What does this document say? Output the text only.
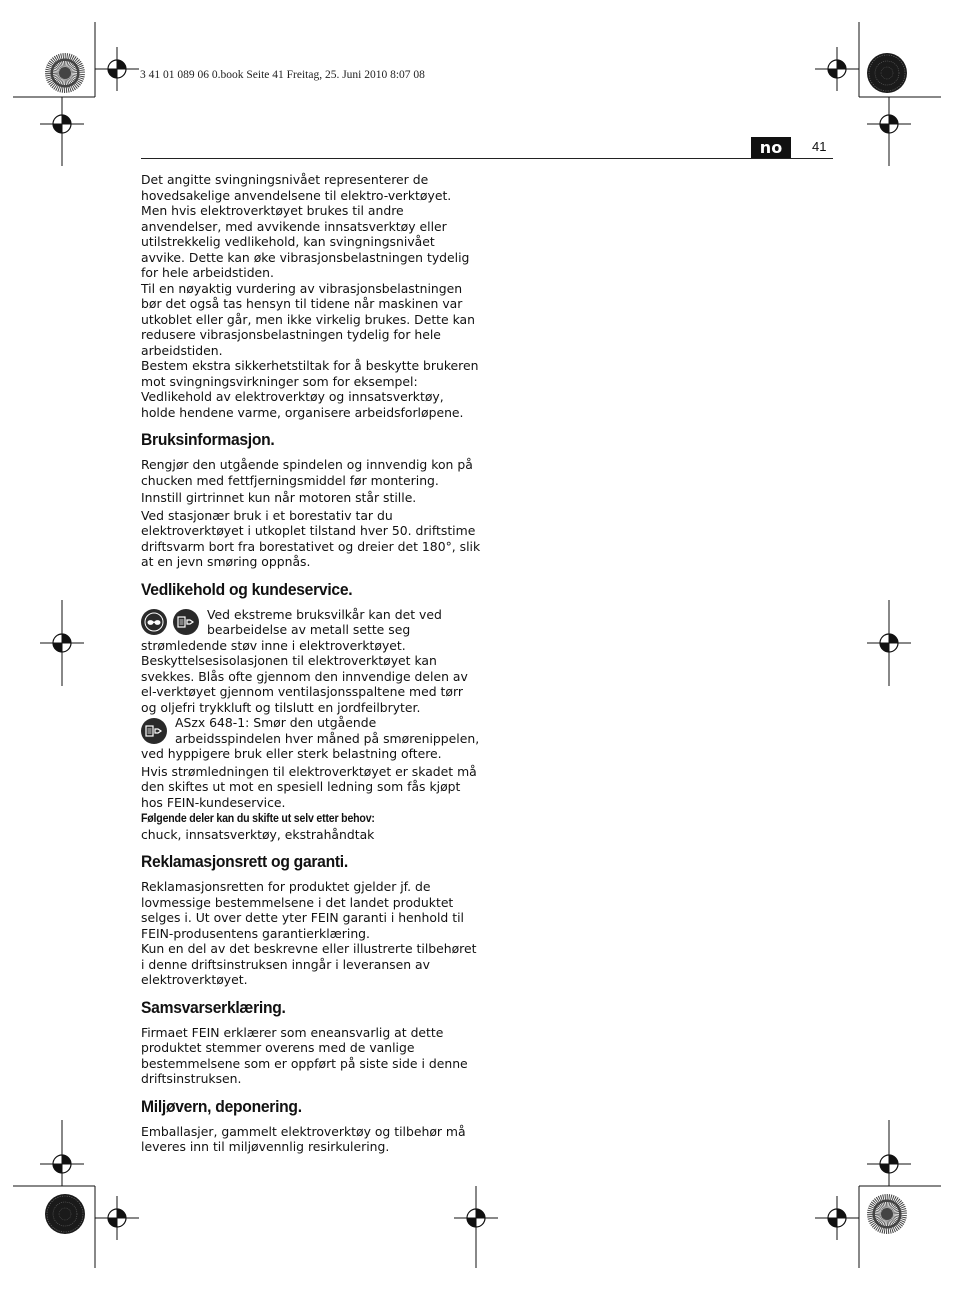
3 41 01 089 06 0.book Seite 41 Freitag, 25. Juni 2010 8:07 08
no	41

Det angitte svingningsnivået representerer de hovedsakelige anvendelsene til elektro-verktøyet. Men hvis elektroverktøyet brukes til andre anvendelser, med avvikende innsatsverktøy eller utilstrekkelig vedlikehold, kan svingningsnivået avvike. Dette kan øke vibrasjonsbelastningen tydelig for hele arbeidstiden.

Til en nøyaktig vurdering av vibrasjonsbelastningen bør det også tas hensyn til tidene når maskinen var utkoblet eller går, men ikke virkelig brukes. Dette kan redusere vibrasjonsbelastningen tydelig for hele arbeidstiden.

Bestem ekstra sikkerhetstiltak for å beskytte brukeren mot svingningsvirkninger som for eksempel: Vedlikehold av elektroverktøy og innsatsverktøy, holde hendene varme, organisere arbeidsforløpene.

Bruksinformasjon.

Rengjør den utgående spindelen og innvendig kon på chucken med fettfjerningsmiddel før montering.

Innstill girtrinnet kun når motoren står stille.

Ved stasjonær bruk i et borestativ tar du elektroverktøyet i utkoplet tilstand hver 50. driftstime driftsvarm bort fra borestativet og dreier det 180°, slik at en jevn smøring oppnås.

Vedlikehold og kundeservice.

Ved ekstreme bruksvilkår kan det ved bearbeidelse av metall sette seg strømledende støv inne i elektroverktøyet. Beskyttelsesisolasjonen til elektroverktøyet kan svekkes. Blås ofte gjennom den innvendige delen av el-verktøyet gjennom ventilasjonsspaltene med tørr og oljefri trykkluft og tilslutt en jordfeilbryter.

ASzx 648-1: Smør den utgående arbeidsspindelen hver måned på smørenippelen, ved hyppigere bruk eller sterk belastning oftere.

Hvis strømledningen til elektroverktøyet er skadet må den skiftes ut mot en spesiell ledning som fås kjøpt hos FEIN-kundeservice.

Følgende deler kan du skifte ut selv etter behov:

chuck, innsatsverktøy, ekstrahåndtak

Reklamasjonsrett og garanti.

Reklamasjonsretten for produktet gjelder jf. de lovmessige bestemmelsene i det landet produktet selges i. Ut over dette yter FEIN garanti i henhold til FEIN-produsentens garantierklæring.

Kun en del av det beskrevne eller illustrerte tilbehøret i denne driftsinstruksen inngår i leveransen av elektroverktøyet.

Samsvarserklæring.

Firmaet FEIN erklærer som eneansvarlig at dette produktet stemmer overens med de vanlige bestemmelsene som er oppført på siste side i denne driftsinstruksen.

Miljøvern, deponering.

Emballasjer, gammelt elektroverktøy og tilbehør må leveres inn til miljøvennlig resirkulering.
